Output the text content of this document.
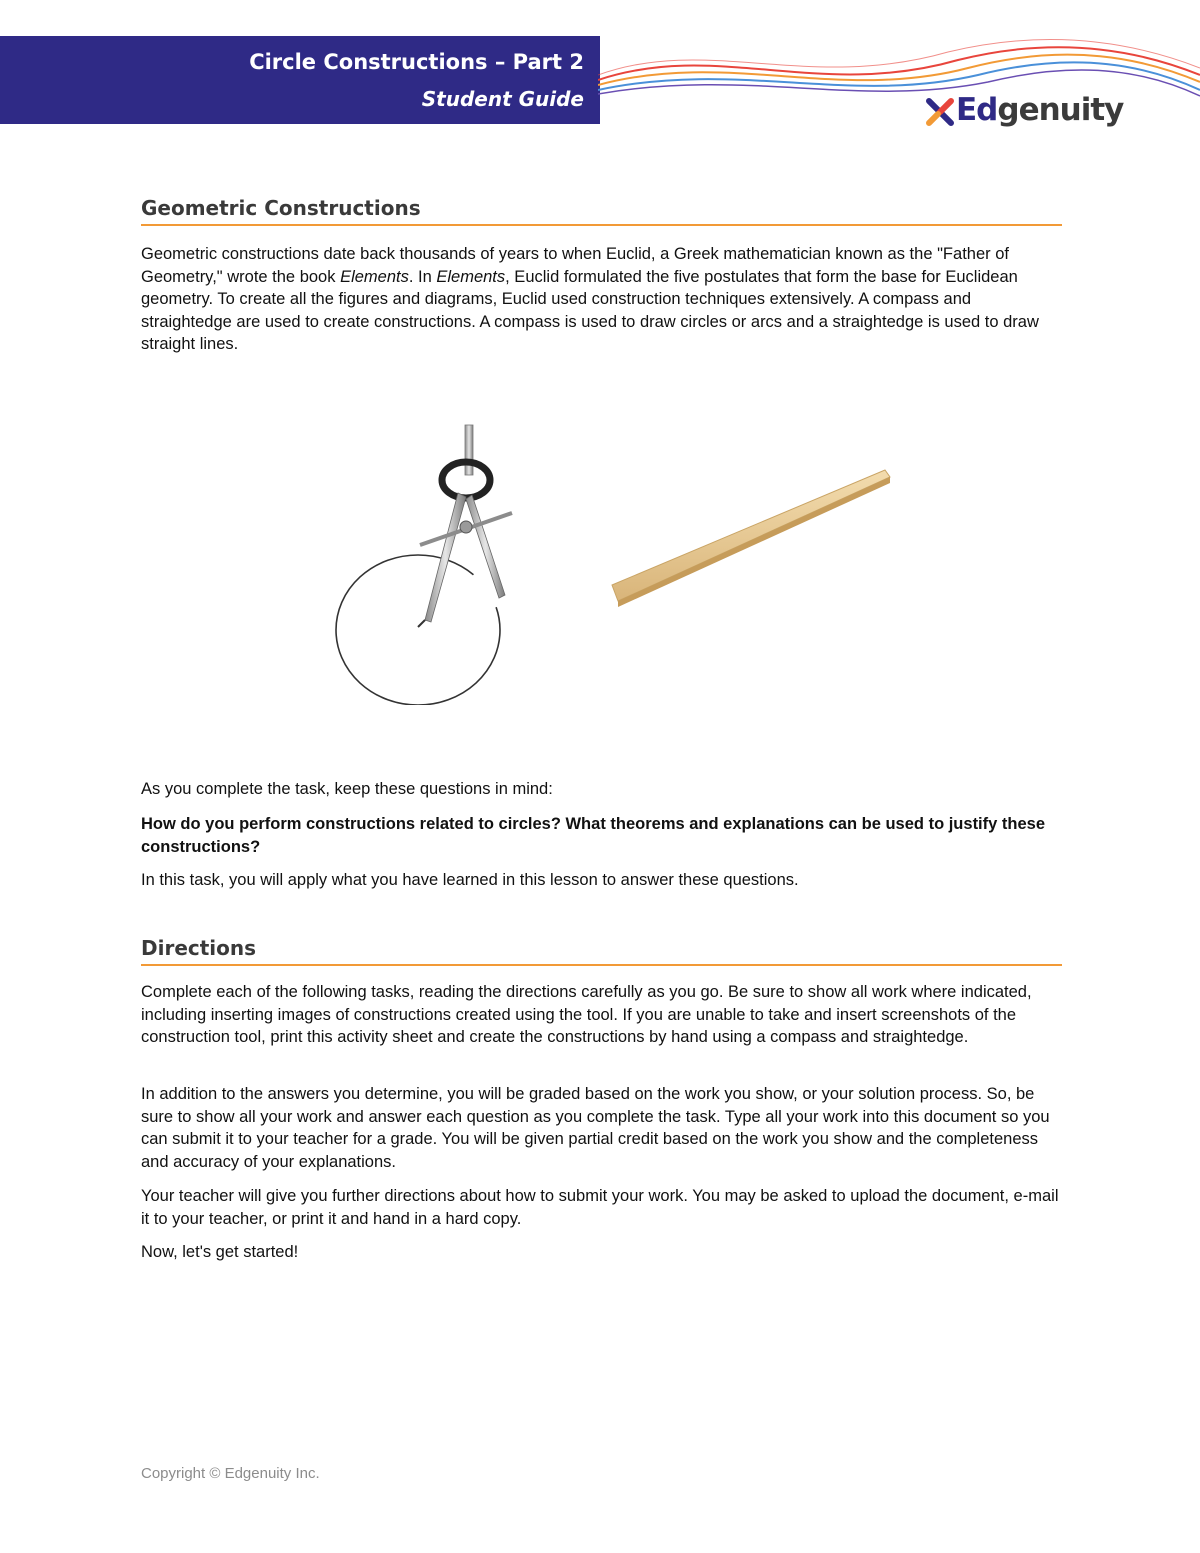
Circle Constructions – Part 2
Student Guide	Edgenuity
Geometric Constructions

Geometric constructions date back thousands of years to when Euclid, a Greek mathematician known as the "Father of Geometry," wrote the book Elements. In Elements, Euclid formulated the five postulates that form the base for Euclidean geometry. To create all the figures and diagrams, Euclid used construction techniques extensively. A compass and straightedge are used to create constructions. A compass is used to draw circles or arcs and a straightedge is used to draw straight lines.

As you complete the task, keep these questions in mind:

How do you perform constructions related to circles? What theorems and explanations can be used to justify these constructions?

In this task, you will apply what you have learned in this lesson to answer these questions.

Directions

Complete each of the following tasks, reading the directions carefully as you go. Be sure to show all work where indicated, including inserting images of constructions created using the tool. If you are unable to take and insert screenshots of the construction tool, print this activity sheet and create the constructions by hand using a compass and straightedge.

In addition to the answers you determine, you will be graded based on the work you show, or your solution process. So, be sure to show all your work and answer each question as you complete the task. Type all your work into this document so you can submit it to your teacher for a grade. You will be given partial credit based on the work you show and the completeness and accuracy of your explanations.

Your teacher will give you further directions about how to submit your work. You may be asked to upload the document, e-mail it to your teacher, or print it and hand in a hard copy.

Now, let's get started!

Copyright © Edgenuity Inc.
